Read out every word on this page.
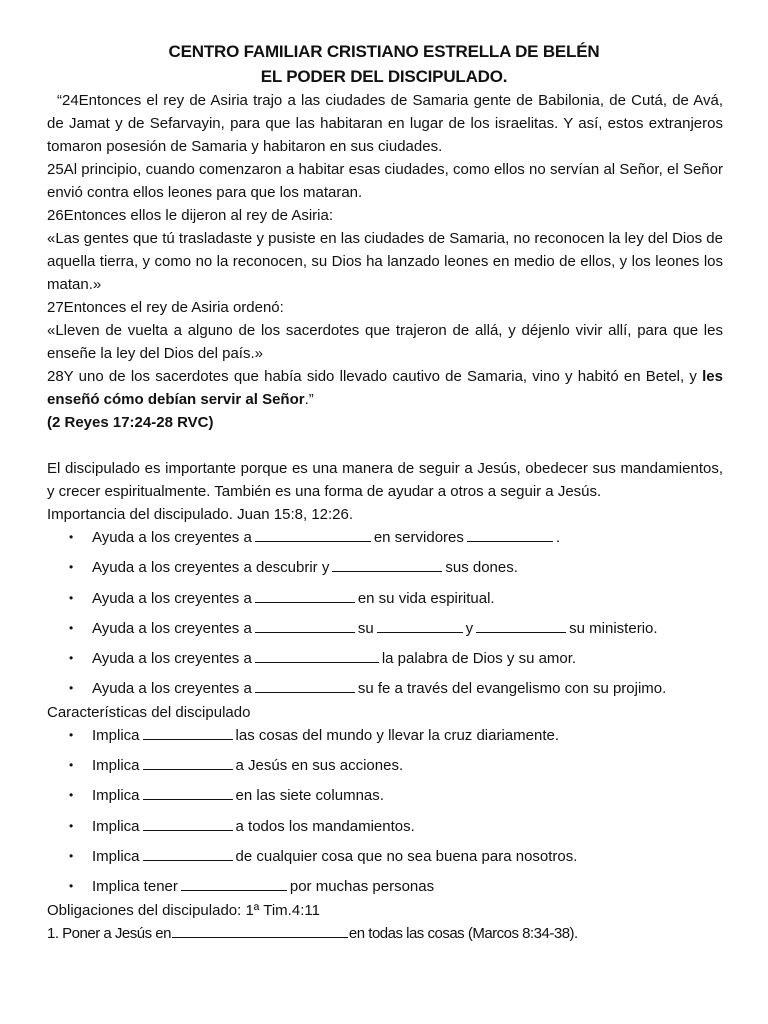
CENTRO FAMILIAR CRISTIANO ESTRELLA DE BELÉN
EL PODER DEL DISCIPULADO.

“24Entonces el rey de Asiria trajo a las ciudades de Samaria gente de Babilonia, de Cutá, de Avá, de Jamat y de Sefarvayin, para que las habitaran en lugar de los israelitas. Y así, estos extranjeros tomaron posesión de Samaria y habitaron en sus ciudades.

25Al principio, cuando comenzaron a habitar esas ciudades, como ellos no servían al Señor, el Señor envió contra ellos leones para que los mataran.

26Entonces ellos le dijeron al rey de Asiria:

«Las gentes que tú trasladaste y pusiste en las ciudades de Samaria, no reconocen la ley del Dios de aquella tierra, y como no la reconocen, su Dios ha lanzado leones en medio de ellos, y los leones los matan.»

27Entonces el rey de Asiria ordenó:

«Lleven de vuelta a alguno de los sacerdotes que trajeron de allá, y déjenlo vivir allí, para que les enseñe la ley del Dios del país.»

28Y uno de los sacerdotes que había sido llevado cautivo de Samaria, vino y habitó en Betel, y les enseñó cómo debían servir al Señor.”

(2 Reyes 17:24-28 RVC)

El discipulado es importante porque es una manera de seguir a Jesús, obedecer sus mandamientos, y crecer espiritualmente. También es una forma de ayudar a otros a seguir a Jesús.

Importancia del discipulado. Juan 15:8, 12:26.

• Ayuda a los creyentes a	en servidores	.
• Ayuda a los creyentes a descubrir y	sus dones.
• Ayuda a los creyentes a	en su vida espiritual.
• Ayuda a los creyentes a	su	y	su ministerio.
• Ayuda a los creyentes a	la palabra de Dios y su amor.
• Ayuda a los creyentes a	su fe a través del evangelismo con su projimo.

Características del discipulado

• Implica	las cosas del mundo y llevar la cruz diariamente.
• Implica	a Jesús en sus acciones.
• Implica	en las siete columnas.
• Implica	a todos los mandamientos.
• Implica	de cualquier cosa que no sea buena para nosotros.
• Implica tener	por muchas personas

Obligaciones del discipulado: 1ª Tim.4:11

1. Poner a Jesús en	en todas las cosas (Marcos 8:34-38).
